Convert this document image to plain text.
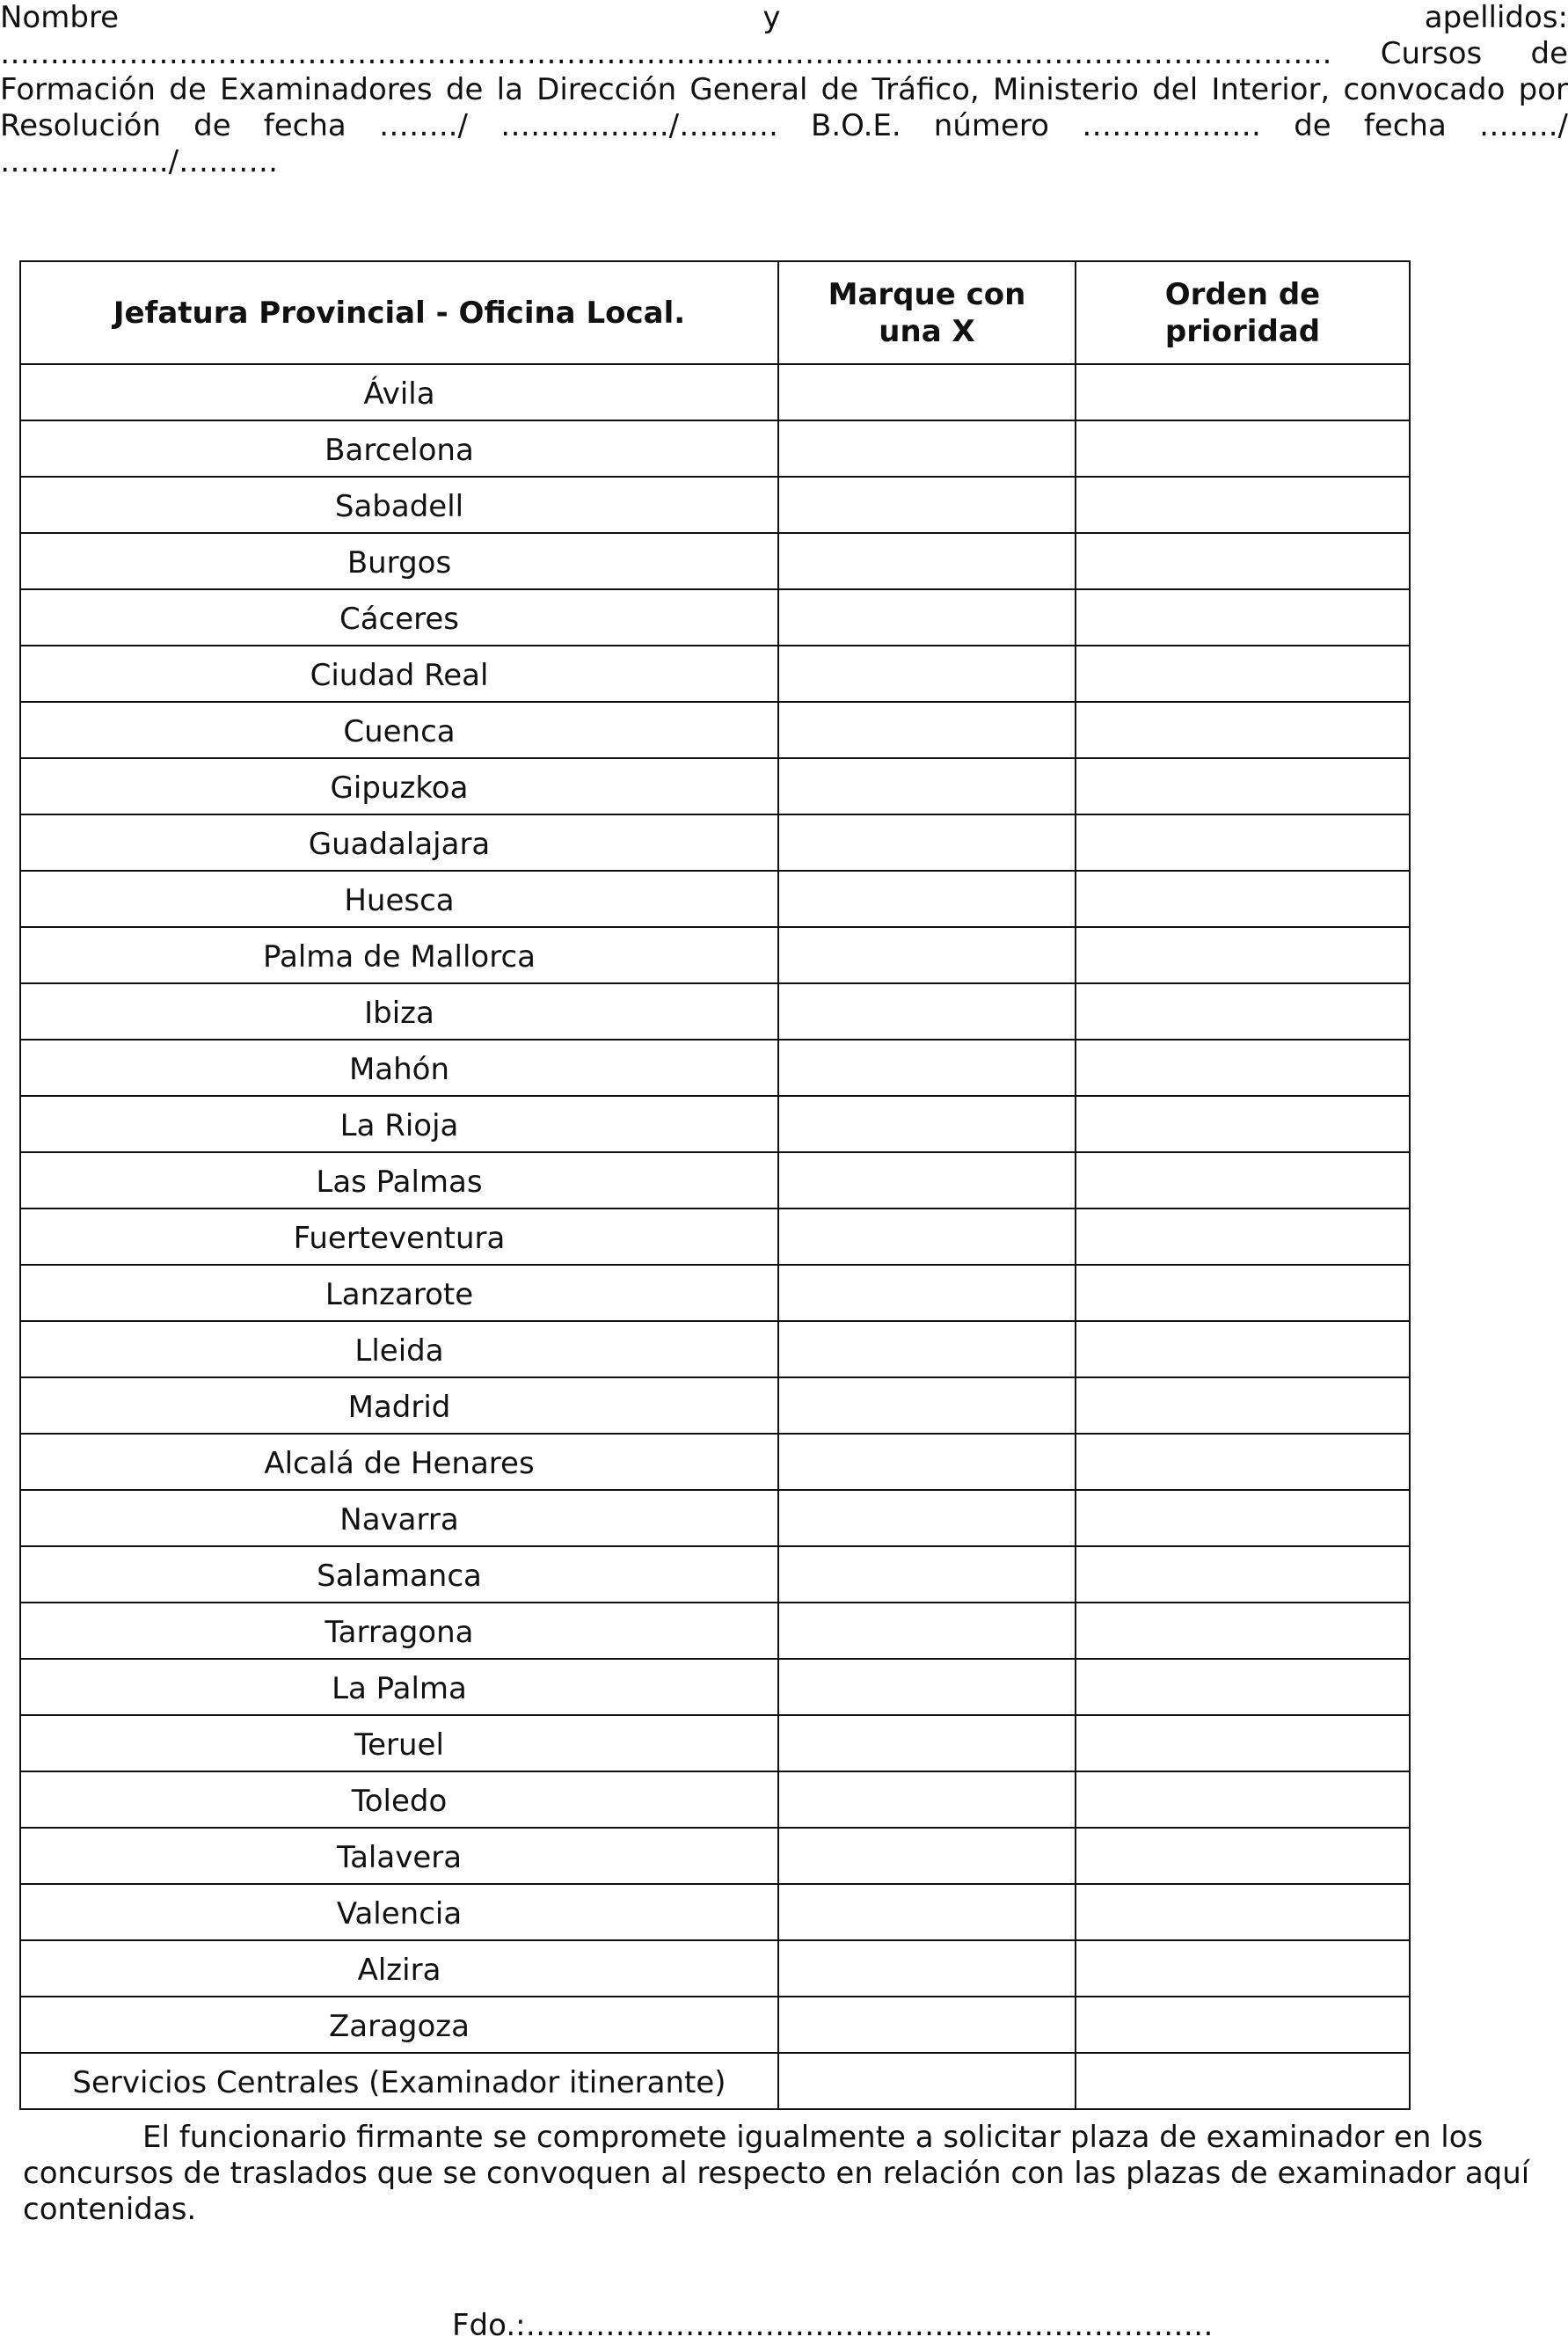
Nombre y apellidos: ……..…………..……………………………………………..………………………………………………….. Cursos de Formación de Examinadores de la Dirección General de Tráfico, Ministerio del Interior, convocado por Resolución de fecha ……../ ……………../………. B.O.E. número ……………… de fecha ……../ ……………../……….

Jefatura Provincial - Oficina Local.	Marque con una X	Orden de prioridad
Ávila		
Barcelona		
Sabadell		
Burgos		
Cáceres		
Ciudad Real		
Cuenca		
Gipuzkoa		
Guadalajara		
Huesca		
Palma de Mallorca		
Ibiza		
Mahón		
La Rioja		
Las Palmas		
Fuerteventura		
Lanzarote		
Lleida		
Madrid		
Alcalá de Henares		
Navarra		
Salamanca		
Tarragona		
La Palma		
Teruel		
Toledo		
Talavera		
Valencia		
Alzira		
Zaragoza		
Servicios Centrales (Examinador itinerante)		

El funcionario firmante se compromete igualmente a solicitar plaza de examinador en los concursos de traslados que se convoquen al respecto en relación con las plazas de examinador aquí contenidas.

Fdo.:……………………………………………………………
